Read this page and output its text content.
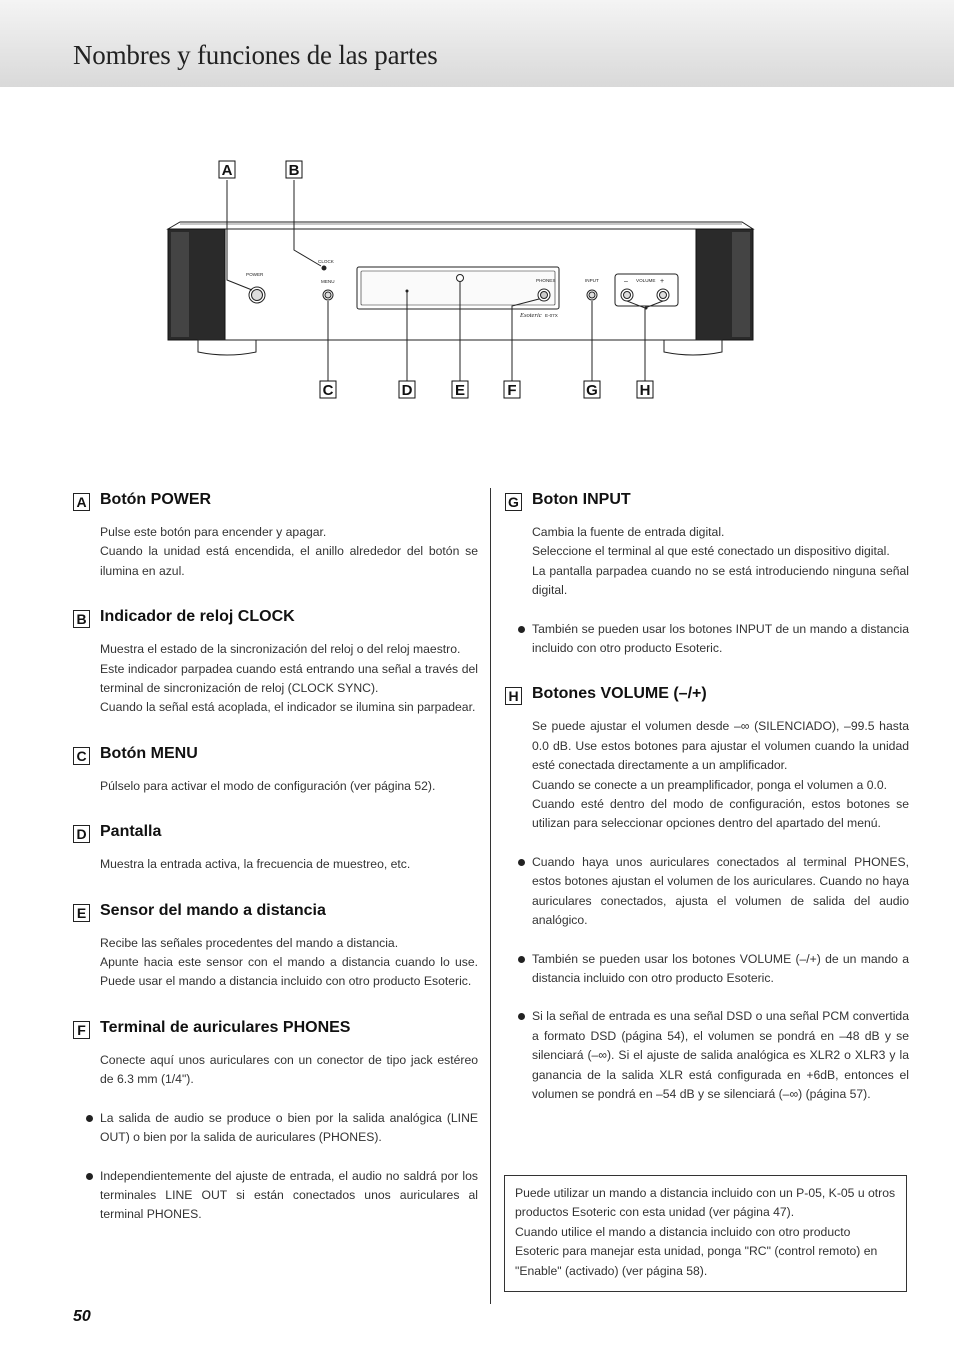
Nombres y funciones de las partes
POWER
CLOCK
MENU	PHONES	INPUT	VOLUME
–	+
Esoteric E-07X
A	B
C	D	E	F	G	H
A Botón POWER

Pulse este botón para encender y apagar.

Cuando la unidad está encendida, el anillo alrededor del botón se ilumina en azul.

B Indicador de reloj CLOCK

Muestra el estado de la sincronización del reloj o del reloj maestro.

Este indicador parpadea cuando está entrando una señal a través del terminal de sincronización de reloj (CLOCK SYNC).

Cuando la señal está acoplada, el indicador se ilumina sin parpadear.

C Botón MENU

Púlselo para activar el modo de configuración (ver página 52).

D Pantalla

Muestra la entrada activa, la frecuencia de muestreo, etc.

E Sensor del mando a distancia

Recibe las señales procedentes del mando a distancia.

Apunte hacia este sensor con el mando a distancia cuando lo use. Puede usar el mando a distancia incluido con otro producto Esoteric.

F Terminal de auriculares PHONES

Conecte aquí unos auriculares con un conector de tipo jack estéreo de 6.3 mm (1/4").

La salida de audio se produce o bien por la salida analógica (LINE OUT) o bien por la salida de auriculares (PHONES).

Independientemente del ajuste de entrada, el audio no saldrá por los terminales LINE OUT si están conectados unos auriculares al terminal PHONES.

G Boton INPUT

Cambia la fuente de entrada digital.

Seleccione el terminal al que esté conectado un dispositivo digital.

La pantalla parpadea cuando no se está introduciendo ninguna señal digital.

También se pueden usar los botones INPUT de un mando a distancia incluido con otro producto Esoteric.

H Botones VOLUME (–/+)

Se puede ajustar el volumen desde –∞ (SILENCIADO), –99.5 hasta 0.0 dB. Use estos botones para ajustar el volumen cuando la unidad esté conectada directamente a un amplificador.

Cuando se conecte a un preamplificador, ponga el volumen a 0.0.

Cuando esté dentro del modo de configuración, estos botones se utilizan para seleccionar opciones dentro del apartado del menú.

Cuando haya unos auriculares conectados al terminal PHONES, estos botones ajustan el volumen de los auriculares. Cuando no haya auriculares conectados, ajusta el volumen de salida del audio analógico.

También se pueden usar los botones VOLUME (–/+) de un mando a distancia incluido con otro producto Esoteric.

Si la señal de entrada es una señal DSD o una señal PCM convertida a formato DSD (página 54), el volumen se pondrá en –48 dB y se silenciará (–∞). Si el ajuste de salida analógica es XLR2 o XLR3 y la ganancia de la salida XLR está configurada en +6dB, entonces el volumen se pondrá en –54 dB y se silenciará (–∞) (página 57).

Puede utilizar un mando a distancia incluido con un P-05, K-05 u otros productos Esoteric con esta unidad (ver página 47).

Cuando utilice el mando a distancia incluido con otro producto Esoteric para manejar esta unidad, ponga "RC" (control remoto) en "Enable" (activado) (ver página 58).

50
